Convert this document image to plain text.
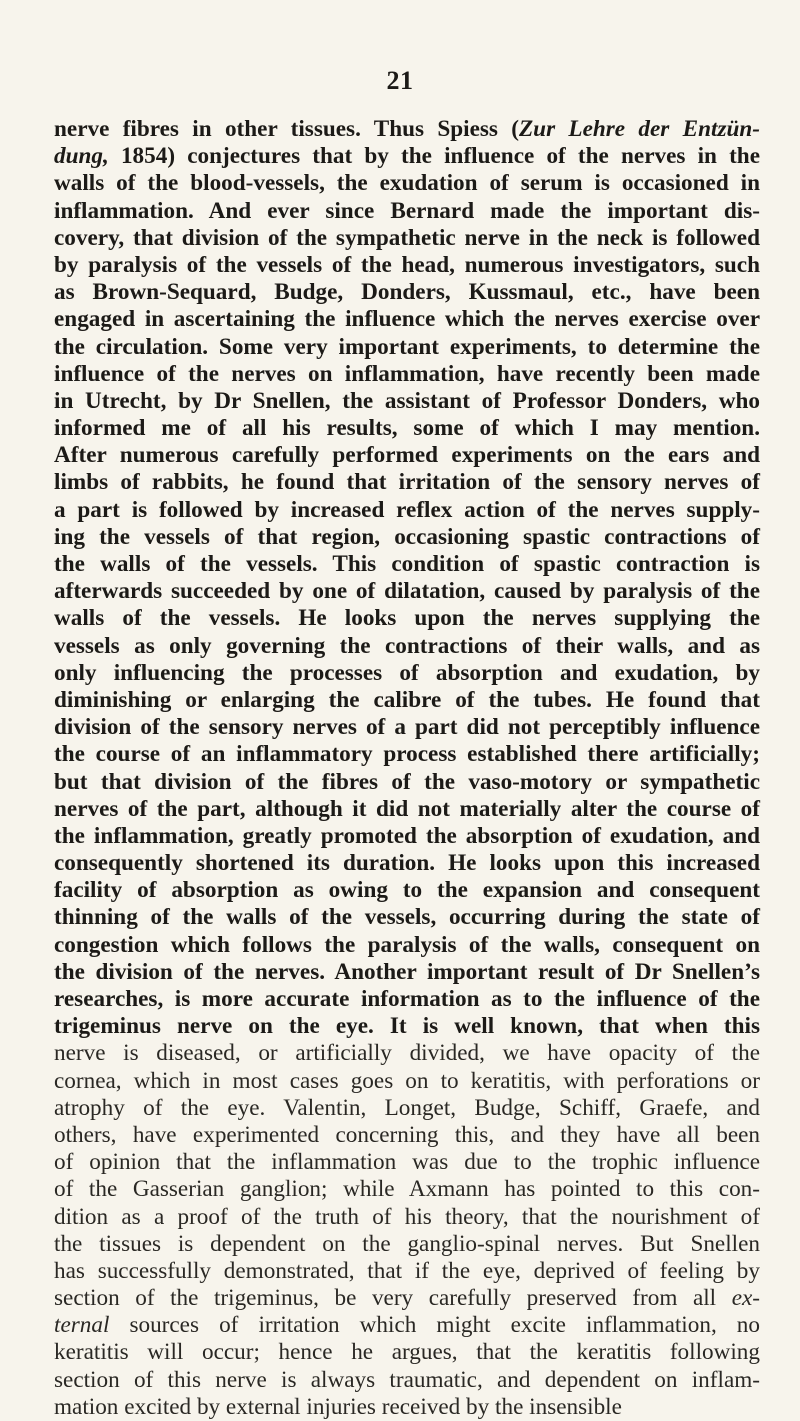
21
nerve fibres in other tissues. Thus Spiess (Zur Lehre der Entzün-
dung, 1854) conjectures that by the influence of the nerves in the
walls of the blood-vessels, the exudation of serum is occasioned in
inflammation. And ever since Bernard made the important dis-
covery, that division of the sympathetic nerve in the neck is followed
by paralysis of the vessels of the head, numerous investigators, such
as Brown-Sequard, Budge, Donders, Kussmaul, etc., have been
engaged in ascertaining the influence which the nerves exercise over
the circulation. Some very important experiments, to determine the
influence of the nerves on inflammation, have recently been made
in Utrecht, by Dr Snellen, the assistant of Professor Donders, who
informed me of all his results, some of which I may mention.
After numerous carefully performed experiments on the ears and
limbs of rabbits, he found that irritation of the sensory nerves of
a part is followed by increased reflex action of the nerves supply-
ing the vessels of that region, occasioning spastic contractions of
the walls of the vessels. This condition of spastic contraction is
afterwards succeeded by one of dilatation, caused by paralysis of the
walls of the vessels. He looks upon the nerves supplying the
vessels as only governing the contractions of their walls, and as
only influencing the processes of absorption and exudation, by
diminishing or enlarging the calibre of the tubes. He found that
division of the sensory nerves of a part did not perceptibly influence
the course of an inflammatory process established there artificially;
but that division of the fibres of the vaso-motory or sympathetic
nerves of the part, although it did not materially alter the course of
the inflammation, greatly promoted the absorption of exudation, and
consequently shortened its duration. He looks upon this increased
facility of absorption as owing to the expansion and consequent
thinning of the walls of the vessels, occurring during the state of
congestion which follows the paralysis of the walls, consequent on
the division of the nerves. Another important result of Dr Snellen’s
researches, is more accurate information as to the influence of the
trigeminus nerve on the eye. It is well known, that when this
nerve is diseased, or artificially divided, we have opacity of the
cornea, which in most cases goes on to keratitis, with perforations or
atrophy of the eye. Valentin, Longet, Budge, Schiff, Graefe, and
others, have experimented concerning this, and they have all been
of opinion that the inflammation was due to the trophic influence
of the Gasserian ganglion; while Axmann has pointed to this con-
dition as a proof of the truth of his theory, that the nourishment of
the tissues is dependent on the ganglio-spinal nerves. But Snellen
has successfully demonstrated, that if the eye, deprived of feeling by
section of the trigeminus, be very carefully preserved from all ex-
ternal sources of irritation which might excite inflammation, no
keratitis will occur; hence he argues, that the keratitis following
section of this nerve is always traumatic, and dependent on inflam-
mation excited by external injuries received by the insensible
